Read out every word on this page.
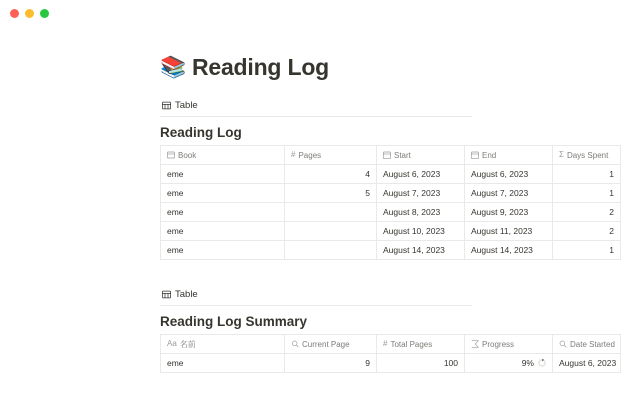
📚 Reading Log
Table
Reading Log
Book	# Pages	Start	End	Σ Days Spent

eme	4	August 6, 2023	August 6, 2023	1
eme	5	August 7, 2023	August 7, 2023	1
eme		August 8, 2023	August 9, 2023	2
eme		August 10, 2023	August 11, 2023	2
eme		August 14, 2023	August 14, 2023	1
Table
Reading Log Summary
Aa 名前	Current Page	# Total Pages	Progress	Date Started

eme	9	100	9%	August 6, 2023
